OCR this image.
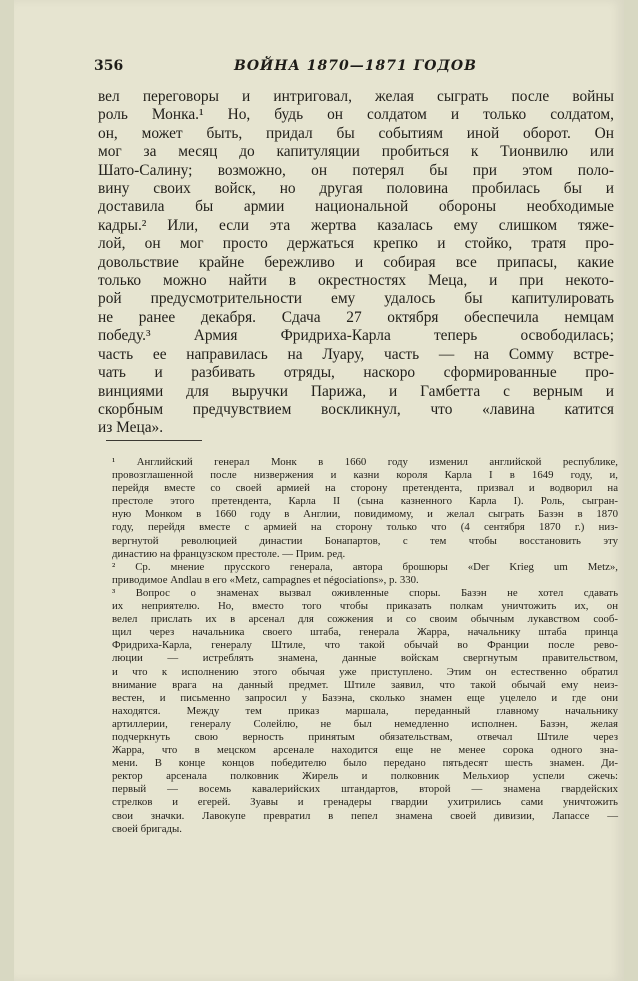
356	ВОЙНА 1870—1871 ГОДОВ

вел переговоры и интриговал, желая сыграть после войны
роль Монка.¹ Но, будь он солдатом и только солдатом,
он, может быть, придал бы событиям иной оборот. Он
мог за месяц до капитуляции пробиться к Тионвилю или
Шато-Салину; возможно, он потерял бы при этом поло-
вину своих войск, но другая половина пробилась бы и
доставила бы армии национальной обороны необходимые
кадры.² Или, если эта жертва казалась ему слишком тяже-
лой, он мог просто держаться крепко и стойко, тратя про-
довольствие крайне бережливо и собирая все припасы, какие
только можно найти в окрестностях Меца, и при некото-
рой предусмотрительности ему удалось бы капитулировать
не ранее декабря. Сдача 27 октября обеспечила немцам
победу.³ Армия Фридриха-Карла теперь освободилась;
часть ее направилась на Луару, часть — на Сомму встре-
чать и разбивать отряды, наскоро сформированные про-
винциями для выручки Парижа, и Гамбетта с верным и
скорбным предчувствием воскликнул, что «лавина катится
из Меца».

¹ Английский генерал Монк в 1660 году изменил английской республике,
провозглашенной после низвержения и казни короля Карла I в 1649 году, и,
перейдя вместе со своей армией на сторону претендента, призвал и водворил на
престоле этого претендента, Карла II (сына казненного Карла I). Роль, сыгран-
ную Монком в 1660 году в Англии, повидимому, и желал сыграть Базэн в 1870
году, перейдя вместе с армией на сторону только что (4 сентября 1870 г.) низ-
вергнутой революцией династии Бонапартов, с тем чтобы восстановить эту
династию на французском престоле. — Прим. ред.
² Ср. мнение прусского генерала, автора брошюры «Der Krieg um Metz»,
приводимое Andlau в его «Metz, campagnes et négociations», p. 330.
³ Вопрос о знаменах вызвал оживленные споры. Базэн не хотел сдавать
их неприятелю. Но, вместо того чтобы приказать полкам уничтожить их, он
велел прислать их в арсенал для сожжения и со своим обычным лукавством сооб-
щил через начальника своего штаба, генерала Жарра, начальнику штаба принца
Фридриха-Карла, генералу Штиле, что такой обычай во Франции после рево-
люции — истреблять знамена, данные войскам свергнутым правительством,
и что к исполнению этого обычая уже приступлено. Этим он естественно обратил
внимание врага на данный предмет. Штиле заявил, что такой обычай ему неиз-
вестен, и письменно запросил у Базэна, сколько знамен еще уцелело и где они
находятся. Между тем приказ маршала, переданный главному начальнику
артиллерии, генералу Солейлю, не был немедленно исполнен. Базэн, желая
подчеркнуть свою верность принятым обязательствам, отвечал Штиле через
Жарра, что в мецском арсенале находится еще не менее сорока одного зна-
мени. В конце концов победителю было передано пятьдесят шесть знамен. Ди-
ректор арсенала полковник Жирель и полковник Мельхиор успели сжечь:
первый — восемь кавалерийских штандартов, второй — знамена гвардейских
стрелков и егерей. Зуавы и гренадеры гвардии ухитрились сами уничтожить
свои значки. Лавокупе превратил в пепел знамена своей дивизии, Лапассе —
своей бригады.
